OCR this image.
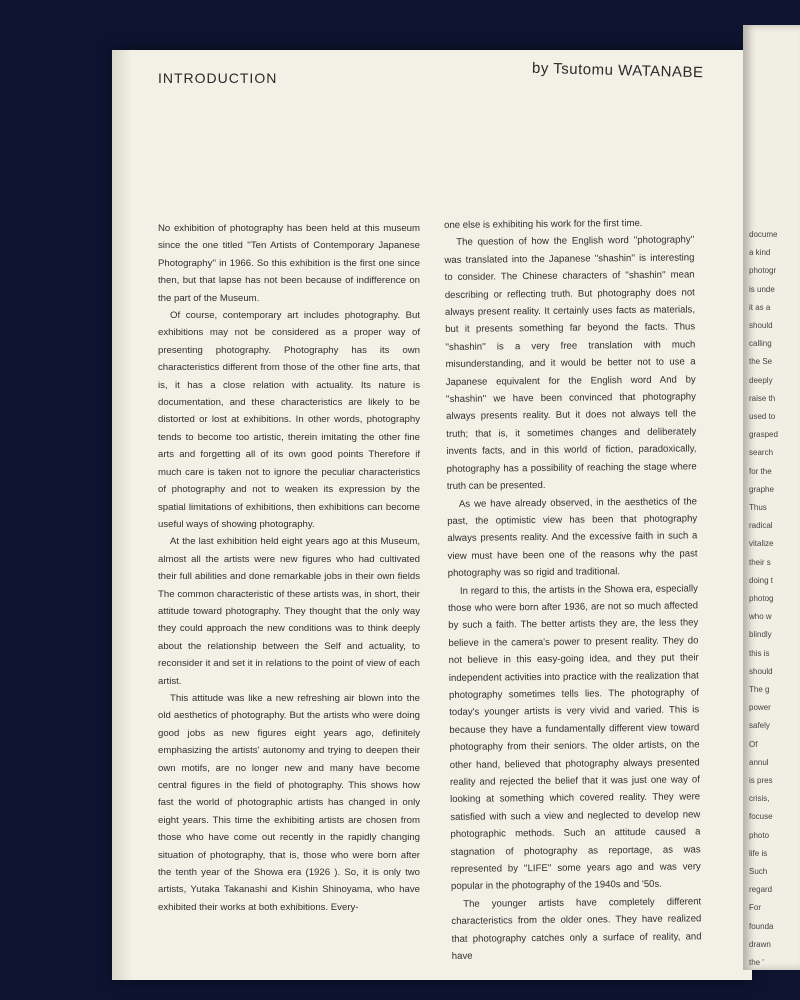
docume
a kind
photogr
is unde
it as a
should
calling
the Se
deeply
raise th
used to
grasped
search
for the
graphe
Thus
radical
vitalize
their s
doing t
photog
who w
blindly
this is
should
The g
power
safely
Of
annul
is pres
crisis,
focuse
photo
life is
Such
regard
For
founda
drawn
the '
INTRODUCTION	by Tsutomu WATANABE

No exhibition of photography has been held at this museum since the one titled ''Ten Artists of Contemporary Japanese Photography'' in 1966. So this exhibition is the first one since then, but that lapse has not been because of indifference on the part of the Museum.

Of course, contemporary art includes photography. But exhibitions may not be considered as a proper way of presenting photography. Photography has its own characteristics different from those of the other fine arts, that is, it has a close relation with actuality. Its nature is documentation, and these characteristics are likely to be distorted or lost at exhibitions. In other words, photography tends to become too artistic, therein imitating the other fine arts and forgetting all of its own good points Therefore if much care is taken not to ignore the peculiar characteristics of photography and not to weaken its expression by the spatial limitations of exhibitions, then exhibitions can become useful ways of showing photography.

At the last exhibition held eight years ago at this Museum, almost all the artists were new figures who had cultivated their full abilities and done remarkable jobs in their own fields The common characteristic of these artists was, in short, their attitude toward photography. They thought that the only way they could approach the new conditions was to think deeply about the relationship between the Self and actuality, to reconsider it and set it in relations to the point of view of each artist.

This attitude was like a new refreshing air blown into the old aesthetics of photography. But the artists who were doing good jobs as new figures eight years ago, definitely emphasizing the artists' autonomy and trying to deepen their own motifs, are no longer new and many have become central figures in the field of photography. This shows how fast the world of photographic artists has changed in only eight years. This time the exhibiting artists are chosen from those who have come out recently in the rapidly changing situation of photography, that is, those who were born after the tenth year of the Showa era (1926 ). So, it is only two artists, Yutaka Takanashi and Kishin Shinoyama, who have exhibited their works at both exhibitions. Every-

one else is exhibiting his work for the first time.

The question of how the English word ''photography'' was translated into the Japanese ''shashin'' is interesting to consider. The Chinese characters of ''shashin'' mean describing or reflecting truth. But photography does not always present reality. It certainly uses facts as materials, but it presents something far beyond the facts. Thus ''shashin'' is a very free translation with much misunderstanding, and it would be better not to use a Japanese equivalent for the English word And by ''shashin'' we have been convinced that photography always presents reality. But it does not always tell the truth; that is, it sometimes changes and deliberately invents facts, and in this world of fiction, paradoxically, photography has a possibility of reaching the stage where truth can be presented.

As we have already observed, in the aesthetics of the past, the optimistic view has been that photography always presents reality. And the excessive faith in such a view must have been one of the reasons why the past photography was so rigid and traditional.

In regard to this, the artists in the Showa era, especially those who were born after 1936, are not so much affected by such a faith. The better artists they are, the less they believe in the camera's power to present reality. They do not believe in this easy-going idea, and they put their independent activities into practice with the realization that photography sometimes tells lies. The photography of today's younger artists is very vivid and varied. This is because they have a fundamentally different view toward photography from their seniors. The older artists, on the other hand, believed that photography always presented reality and rejected the belief that it was just one way of looking at something which covered reality. They were satisfied with such a view and neglected to develop new photographic methods. Such an attitude caused a stagnation of photography as reportage, as was represented by ''LIFE'' some years ago and was very popular in the photography of the 1940s and '50s.

The younger artists have completely different characteristics from the older ones. They have realized that photography catches only a surface of reality, and have
